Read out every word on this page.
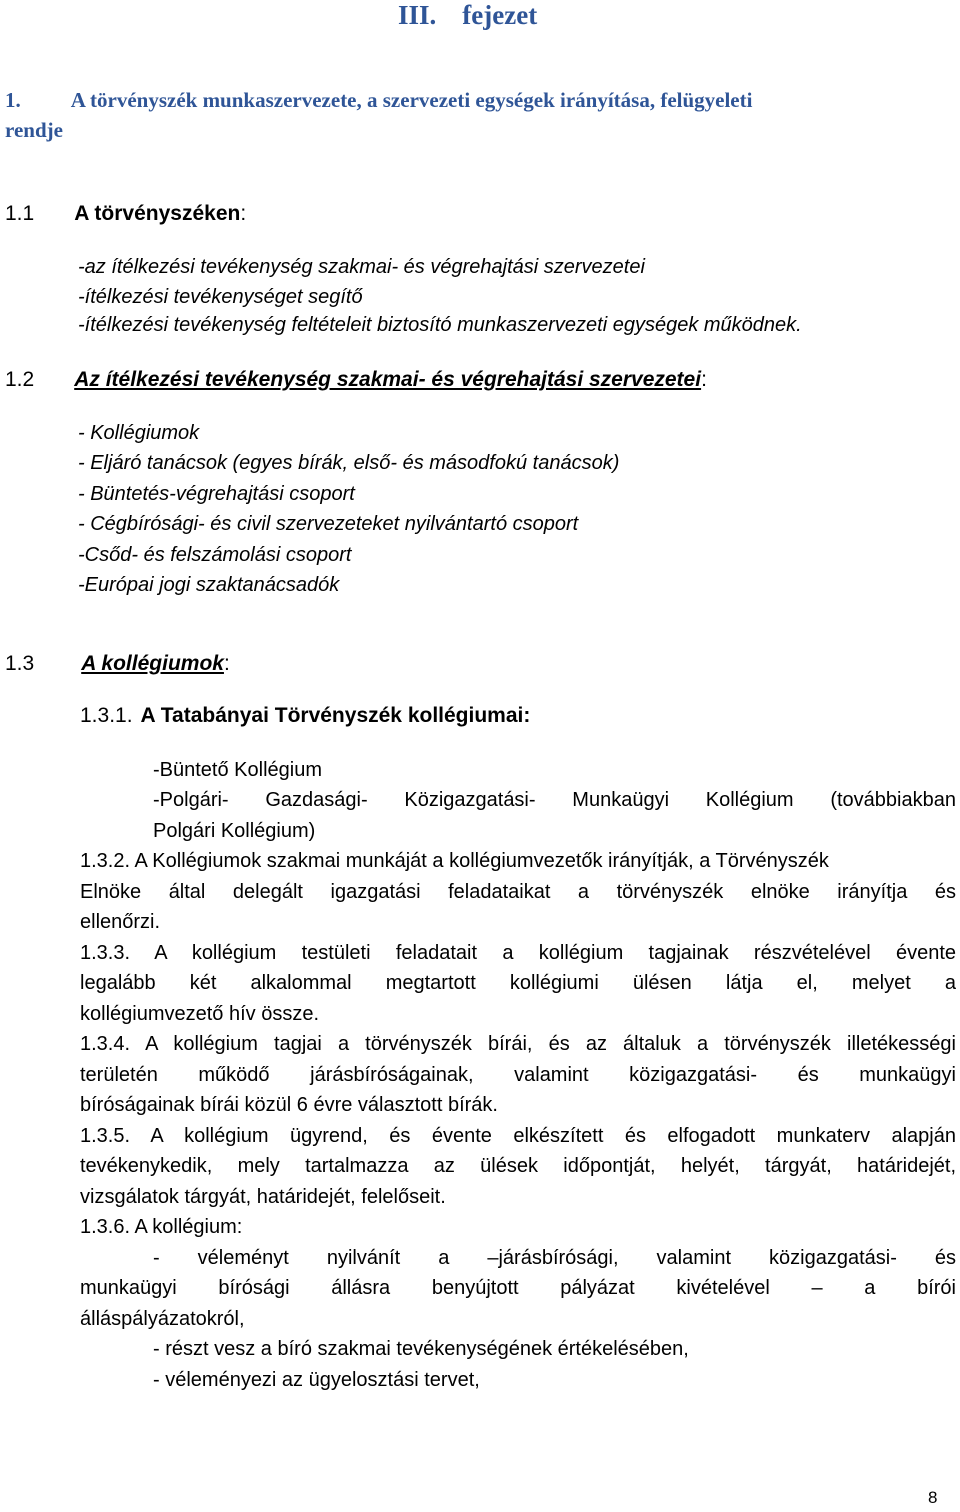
III. fejezet
1. A törvényszék munkaszervezete, a szervezeti egységek irányítása, felügyeleti
rendje
1.1 A törvényszéken:
-az ítélkezési tevékenység szakmai- és végrehajtási szervezetei
-ítélkezési tevékenységet segítő
-ítélkezési tevékenység feltételeit biztosító munkaszervezeti egységek működnek.
1.2 Az ítélkezési tevékenység szakmai- és végrehajtási szervezetei:
- Kollégiumok
- Eljáró tanácsok (egyes bírák, első- és másodfokú tanácsok)
- Büntetés-végrehajtási csoport
- Cégbírósági- és civil szervezeteket nyilvántartó csoport
-Csőd- és felszámolási csoport
-Európai jogi szaktanácsadók
1.3 A kollégiumok:
1.3.1. A Tatabányai Törvényszék kollégiumai:
-Büntető Kollégium
-Polgári- Gazdasági- Közigazgatási- Munkaügyi Kollégium (továbbiakban
Polgári Kollégium)
1.3.2. A Kollégiumok szakmai munkáját a kollégiumvezetők irányítják, a Törvényszék
Elnöke által delegált igazgatási feladataikat a törvényszék elnöke irányítja és
ellenőrzi.
1.3.3. A kollégium testületi feladatait a kollégium tagjainak részvételével évente
legalább két alkalommal megtartott kollégiumi ülésen látja el, melyet a
kollégiumvezető hív össze.
1.3.4. A kollégium tagjai a törvényszék bírái, és az általuk a törvényszék illetékességi
területén működő járásbíróságainak, valamint közigazgatási- és munkaügyi
bíróságainak bírái közül 6 évre választott bírák.
1.3.5. A kollégium ügyrend, és évente elkészített és elfogadott munkaterv alapján
tevékenykedik, mely tartalmazza az ülések időpontját, helyét, tárgyát, határidejét,
vizsgálatok tárgyát, határidejét, felelőseit.
1.3.6. A kollégium:
- véleményt nyilvánít a –járásbírósági, valamint közigazgatási- és
munkaügyi bírósági állásra benyújtott pályázat kivételével – a bírói
álláspályázatokról,
- részt vesz a bíró szakmai tevékenységének értékelésében,
- véleményezi az ügyelosztási tervet,
8
